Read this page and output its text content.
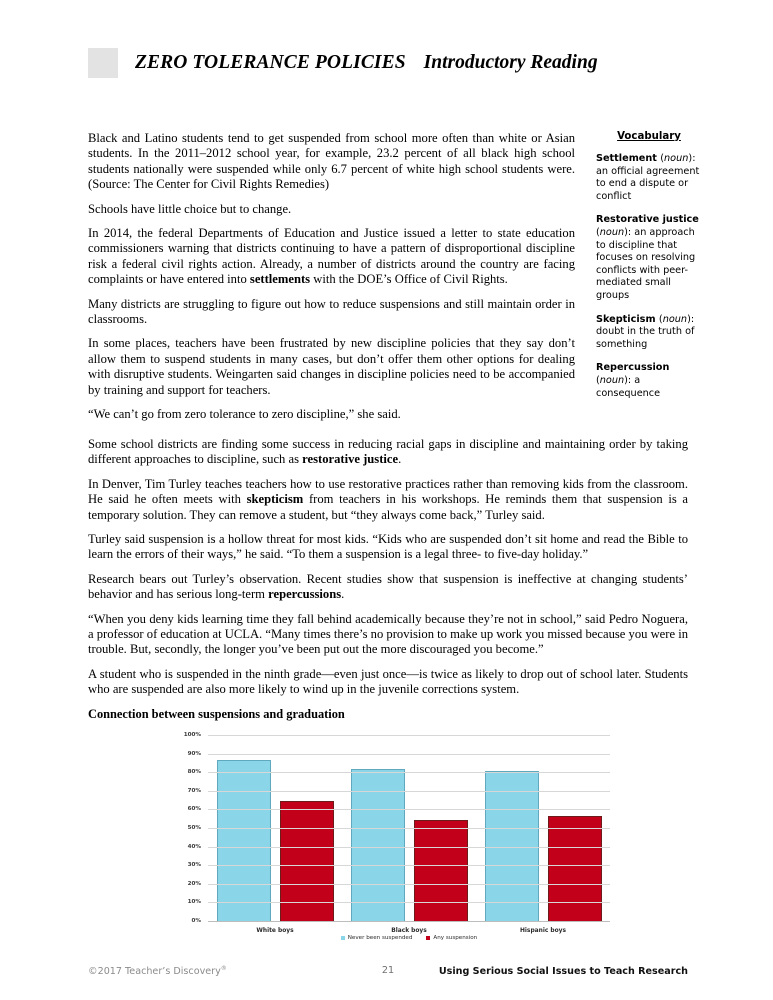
ZERO TOLERANCE POLICIES Introductory Reading

Black and Latino students tend to get suspended from school more often than white or Asian students. In the 2011–2012 school year, for example, 23.2 percent of all black high school students nationally were suspended while only 6.7 percent of white high school students were. (Source: The Center for Civil Rights Remedies)

Schools have little choice but to change.

In 2014, the federal Departments of Education and Justice issued a letter to state education commissioners warning that districts continuing to have a pattern of disproportional discipline risk a federal civil rights action. Already, a number of districts around the country are facing complaints or have entered into settlements with the DOE’s Office of Civil Rights.

Many districts are struggling to figure out how to reduce suspensions and still maintain order in classrooms.

In some places, teachers have been frustrated by new discipline policies that they say don’t allow them to suspend students in many cases, but don’t offer them other options for dealing with disruptive students. Weingarten said changes in discipline policies need to be accompanied by training and support for teachers.

“We can’t go from zero tolerance to zero discipline,” she said.

Vocabulary
Settlement (noun): an official agreement to end a dispute or conflict
Restorative justice (noun): an approach to discipline that focuses on resolving conflicts with peer-mediated small groups
Skepticism (noun): doubt in the truth of something
Repercussion (noun): a consequence

Some school districts are finding some success in reducing racial gaps in discipline and maintaining order by taking different approaches to discipline, such as restorative justice.

In Denver, Tim Turley teaches teachers how to use restorative practices rather than removing kids from the classroom. He said he often meets with skepticism from teachers in his workshops. He reminds them that suspension is a temporary solution. They can remove a student, but “they always come back,” Turley said.

Turley said suspension is a hollow threat for most kids. “Kids who are suspended don’t sit home and read the Bible to learn the errors of their ways,” he said. “To them a suspension is a legal three- to five-day holiday.”

Research bears out Turley’s observation. Recent studies show that suspension is ineffective at changing students’ behavior and has serious long-term repercussions.

“When you deny kids learning time they fall behind academically because they’re not in school,” said Pedro Noguera, a professor of education at UCLA. “Many times there’s no provision to make up work you missed because you were in trouble. But, secondly, the longer you’ve been put out the more discouraged you become.”

A student who is suspended in the ninth grade—even just once—is twice as likely to drop out of school later. Students who are suspended are also more likely to wind up in the juvenile corrections system.

Connection between suspensions and graduation
White boys	Black boys	Hispanic boys
0%
10%
20%
30%
40%
50%
60%
70%
80%
90%
100%
Never been suspended	Any suspension
©2017 Teacher’s Discovery®	21	Using Serious Social Issues to Teach Research
